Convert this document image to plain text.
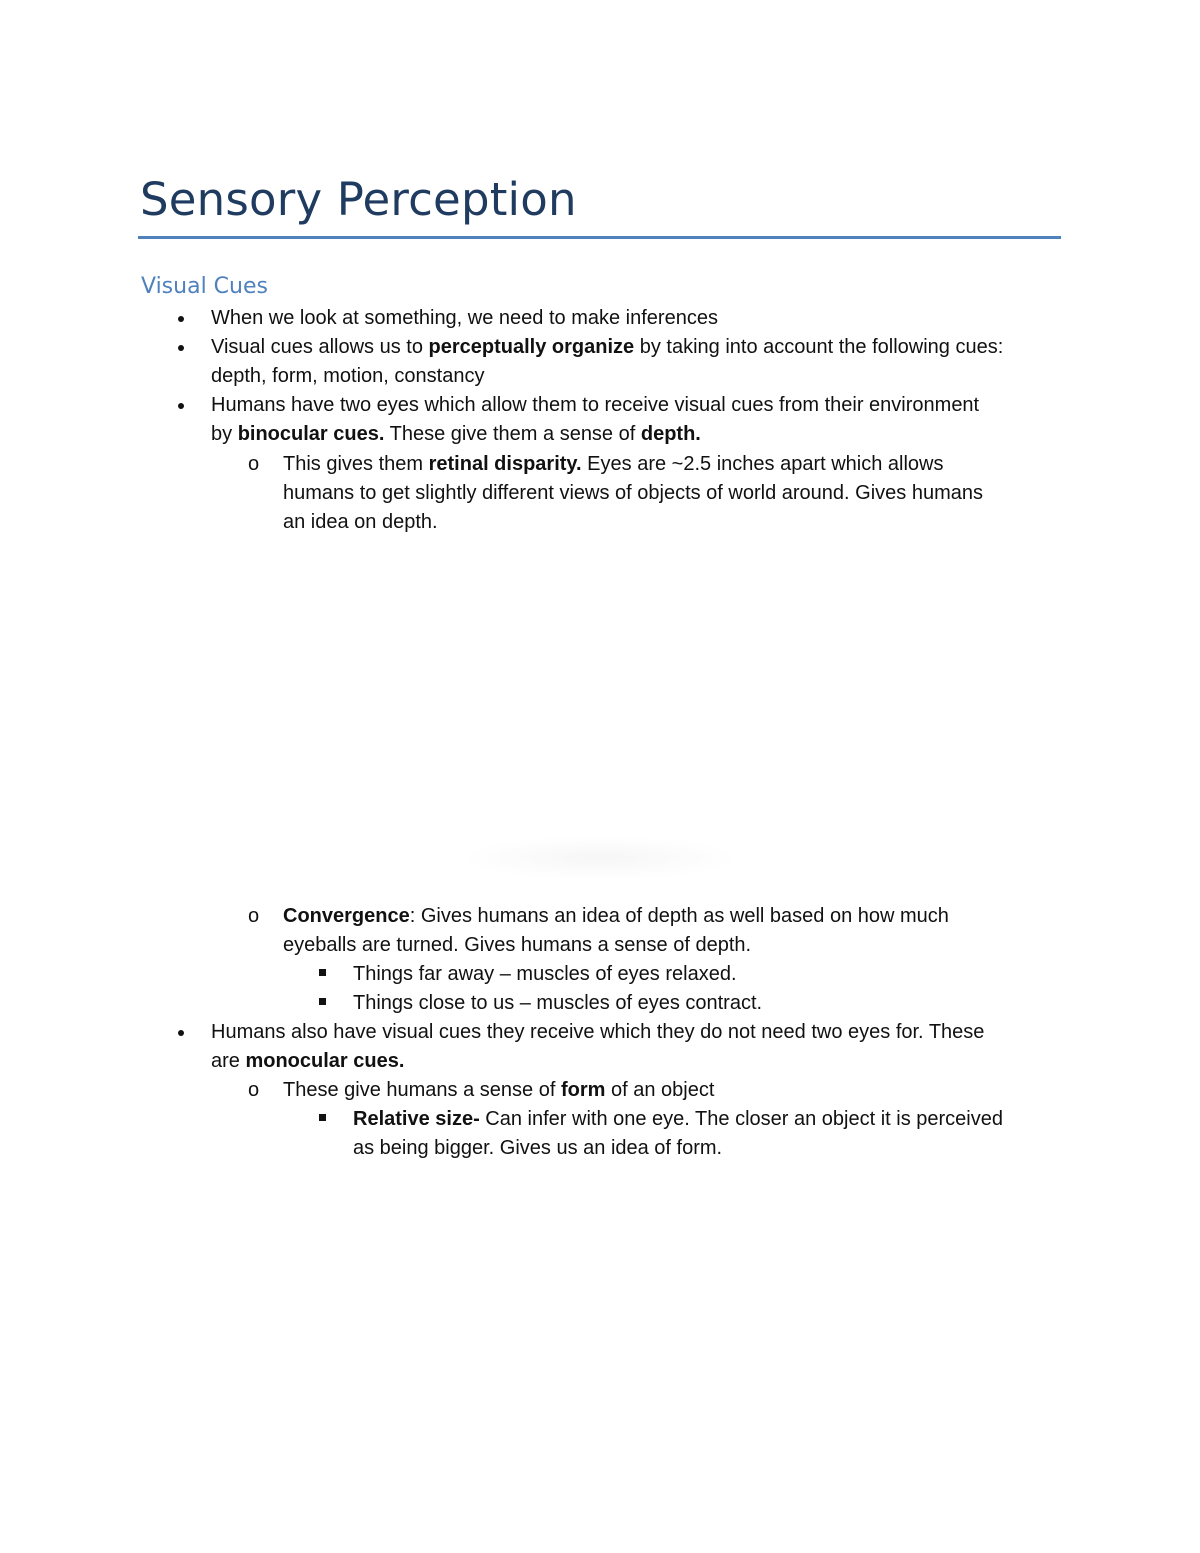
Sensory Perception
Visual Cues
When we look at something, we need to make inferences
Visual cues allows us to perceptually organize by taking into account the following cues:
depth, form, motion, constancy
Humans have two eyes which allow them to receive visual cues from their environment
by binocular cues. These give them a sense of depth.
o This gives them retinal disparity. Eyes are ~2.5 inches apart which allows
humans to get slightly different views of objects of world around. Gives humans
an idea on depth.
o Convergence: Gives humans an idea of depth as well based on how much
eyeballs are turned. Gives humans a sense of depth.
Things far away – muscles of eyes relaxed.
Things close to us – muscles of eyes contract.
Humans also have visual cues they receive which they do not need two eyes for. These
are monocular cues.
o These give humans a sense of form of an object
Relative size- Can infer with one eye. The closer an object it is perceived
as being bigger. Gives us an idea of form.
